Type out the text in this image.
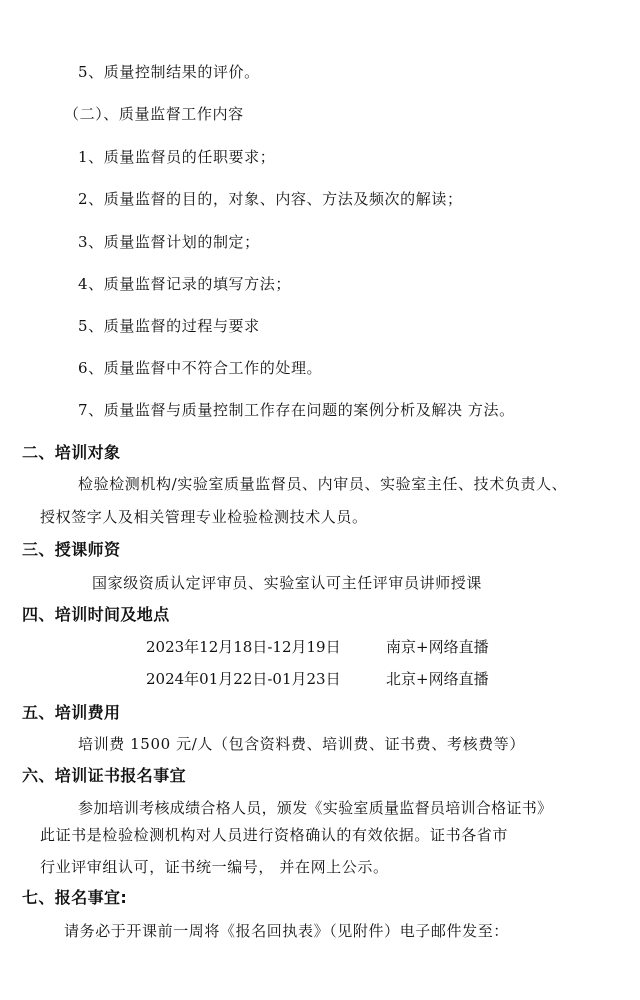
5、质量控制结果的评价。
（二）、质量监督工作内容
1、质量监督员的任职要求；
2、质量监督的目的，对象、内容、方法及频次的解读；
3、质量监督计划的制定；
4、质量监督记录的填写方法；
5、质量监督的过程与要求
6、质量监督中不符合工作的处理。
7、质量监督与质量控制工作存在问题的案例分析及解决 方法。
二、培训对象
检验检测机构/实验室质量监督员、内审员、实验室主任、技术负责人、
授权签字人及相关管理专业检验检测技术人员。
三、授课师资
国家级资质认定评审员、实验室认可主任评审员讲师授课
四、培训时间及地点
2023年12月18日-12月19日	南京+网络直播
2024年01月22日-01月23日	北京+网络直播
五、培训费用
培训费 1500 元/人（包含资料费、培训费、证书费、考核费等）
六、培训证书报名事宜
参加培训考核成绩合格人员，颁发《实验室质量监督员培训合格证书》
此证书是检验检测机构对人员进行资格确认的有效依据。证书各省市
行业评审组认可，证书统一编号， 并在网上公示。
七、报名事宜:
请务必于开课前一周将《报名回执表》（见附件）电子邮件发至：
